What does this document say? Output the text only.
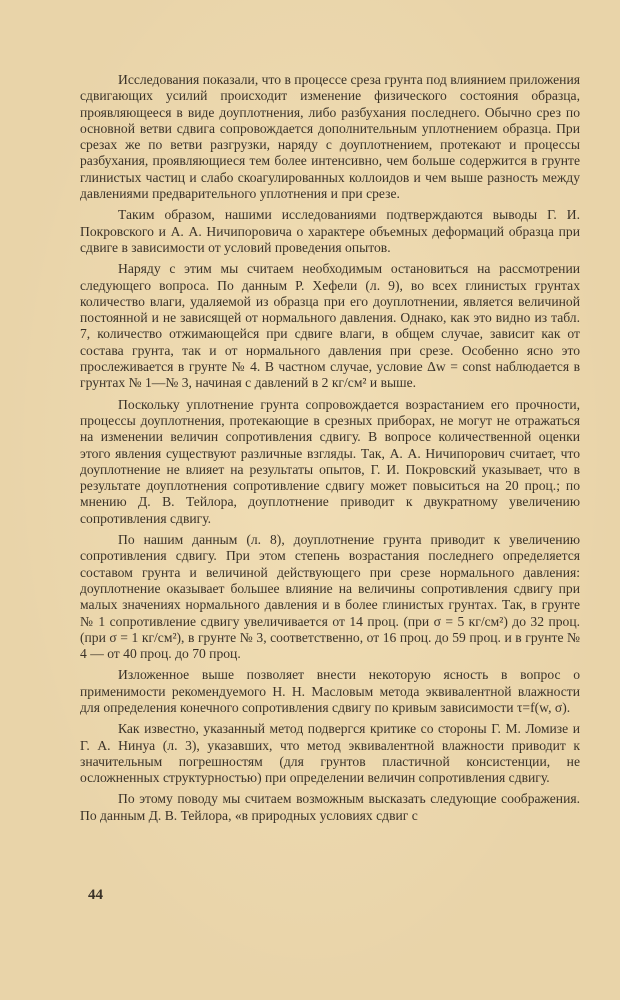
Исследования показали, что в процессе среза грунта под влиянием приложения сдвигающих усилий происходит изменение физического состояния образца, проявляющееся в виде доуплотнения, либо разбухания последнего. Обычно срез по основной ветви сдвига сопровождается дополнительным уплотнением образца. При срезах же по ветви разгрузки, наряду с доуплотнением, протекают и процессы разбухания, проявляющиеся тем более интенсивно, чем больше содержится в грунте глинистых частиц и слабо скоагулированных коллоидов и чем выше разность между давлениями предварительного уплотнения и при срезе.

Таким образом, нашими исследованиями подтверждаются выводы Г. И. Покровского и А. А. Ничипоровича о характере объемных деформаций образца при сдвиге в зависимости от условий проведения опытов.

Наряду с этим мы считаем необходимым остановиться на рассмотрении следующего вопроса. По данным Р. Хефели (л. 9), во всех глинистых грунтах количество влаги, удаляемой из образца при его доуплотнении, является величиной постоянной и не зависящей от нормального давления. Однако, как это видно из табл. 7, количество отжимающейся при сдвиге влаги, в общем случае, зависит как от состава грунта, так и от нормального давления при срезе. Особенно ясно это прослеживается в грунте № 4. В частном случае, условие Δw = const наблюдается в грунтах № 1—№ 3, начиная с давлений в 2 кг/см² и выше.

Поскольку уплотнение грунта сопровождается возрастанием его прочности, процессы доуплотнения, протекающие в срезных приборах, не могут не отражаться на изменении величин сопротивления сдвигу. В вопросе количественной оценки этого явления существуют различные взгляды. Так, А. А. Ничипорович считает, что доуплотнение не влияет на результаты опытов, Г. И. Покровский указывает, что в результате доуплотнения сопротивление сдвигу может повыситься на 20 проц.; по мнению Д. В. Тейлора, доуплотнение приводит к двукратному увеличению сопротивления сдвигу.

По нашим данным (л. 8), доуплотнение грунта приводит к увеличению сопротивления сдвигу. При этом степень возрастания последнего определяется составом грунта и величиной действующего при срезе нормального давления: доуплотнение оказывает большее влияние на величины сопротивления сдвигу при малых значениях нормального давления и в более глинистых грунтах. Так, в грунте № 1 сопротивление сдвигу увеличивается от 14 проц. (при σ = 5 кг/см²) до 32 проц. (при σ = 1 кг/см²), в грунте № 3, соответственно, от 16 проц. до 59 проц. и в грунте № 4 — от 40 проц. до 70 проц.

Изложенное выше позволяет внести некоторую ясность в вопрос о применимости рекомендуемого Н. Н. Масловым метода эквивалентной влажности для определения конечного сопротивления сдвигу по кривым зависимости τ=f(w, σ).

Как известно, указанный метод подвергся критике со стороны Г. М. Ломизе и Г. А. Нинуа (л. 3), указавших, что метод эквивалентной влажности приводит к значительным погрешностям (для грунтов пластичной консистенции, не осложненных структурностью) при определении величин сопротивления сдвигу.

По этому поводу мы считаем возможным высказать следующие соображения. По данным Д. В. Тейлора, «в природных условиях сдвиг с

44
